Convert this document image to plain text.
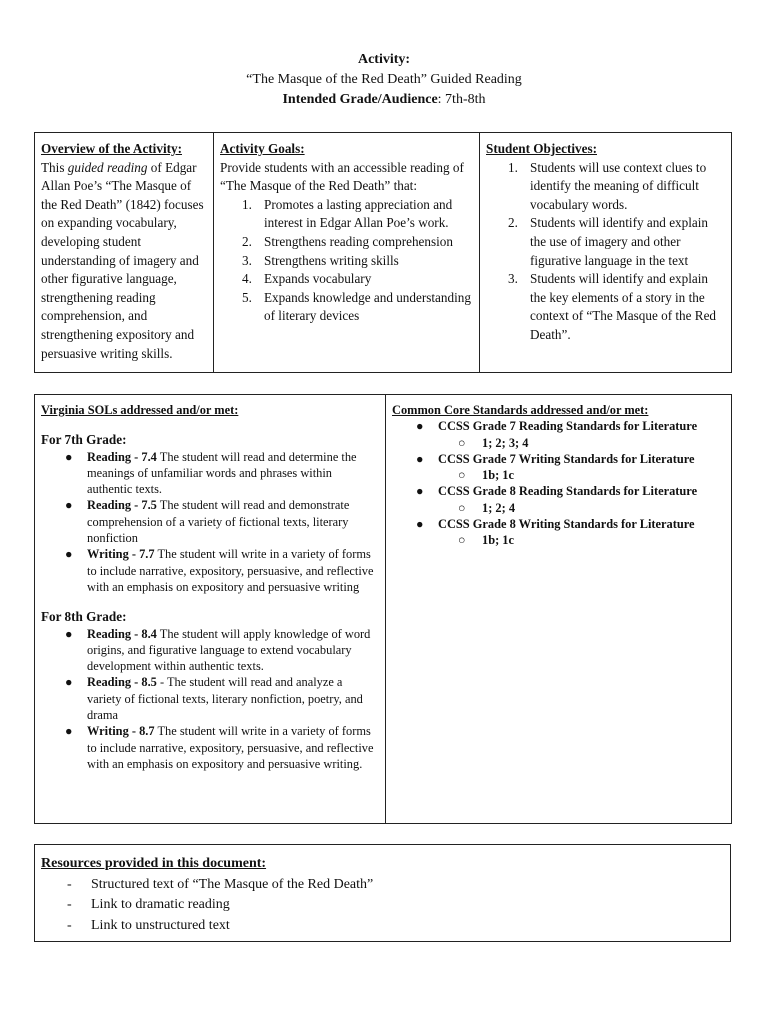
Activity:
“The Masque of the Red Death” Guided Reading
Intended Grade/Audience: 7th-8th
Overview of the Activity:
This guided reading of Edgar Allan Poe’s “The Masque of the Red Death” (1842) focuses on expanding vocabulary, developing student understanding of imagery and other figurative language, strengthening reading comprehension, and strengthening expository and persuasive writing skills.
Activity Goals:
Provide students with an accessible reading of “The Masque of the Red Death” that:
1. Promotes a lasting appreciation and interest in Edgar Allan Poe’s work.
2. Strengthens reading comprehension
3. Strengthens writing skills
4. Expands vocabulary
5. Expands knowledge and understanding of literary devices
Student Objectives:
1. Students will use context clues to identify the meaning of difficult vocabulary words.
2. Students will identify and explain the use of imagery and other figurative language in the text
3. Students will identify and explain the key elements of a story in the context of “The Masque of the Red Death”.
Virginia SOLs addressed and/or met:
For 7th Grade:
● Reading - 7.4 The student will read and determine the meanings of unfamiliar words and phrases within authentic texts.
● Reading - 7.5 The student will read and demonstrate comprehension of a variety of fictional texts, literary nonfiction
● Writing - 7.7 The student will write in a variety of forms to include narrative, expository, persuasive, and reflective with an emphasis on expository and persuasive writing
For 8th Grade:
● Reading - 8.4 The student will apply knowledge of word origins, and figurative language to extend vocabulary development within authentic texts.
● Reading - 8.5 - The student will read and analyze a variety of fictional texts, literary nonfiction, poetry, and drama
● Writing - 8.7 The student will write in a variety of forms to include narrative, expository, persuasive, and reflective with an emphasis on expository and persuasive writing.
Common Core Standards addressed and/or met:
● CCSS Grade 7 Reading Standards for Literature
○ 1; 2; 3; 4
● CCSS Grade 7 Writing Standards for Literature
○ 1b; 1c
● CCSS Grade 8 Reading Standards for Literature
○ 1; 2; 4
● CCSS Grade 8 Writing Standards for Literature
○ 1b; 1c
Resources provided in this document:
- Structured text of “The Masque of the Red Death”
- Link to dramatic reading
- Link to unstructured text
